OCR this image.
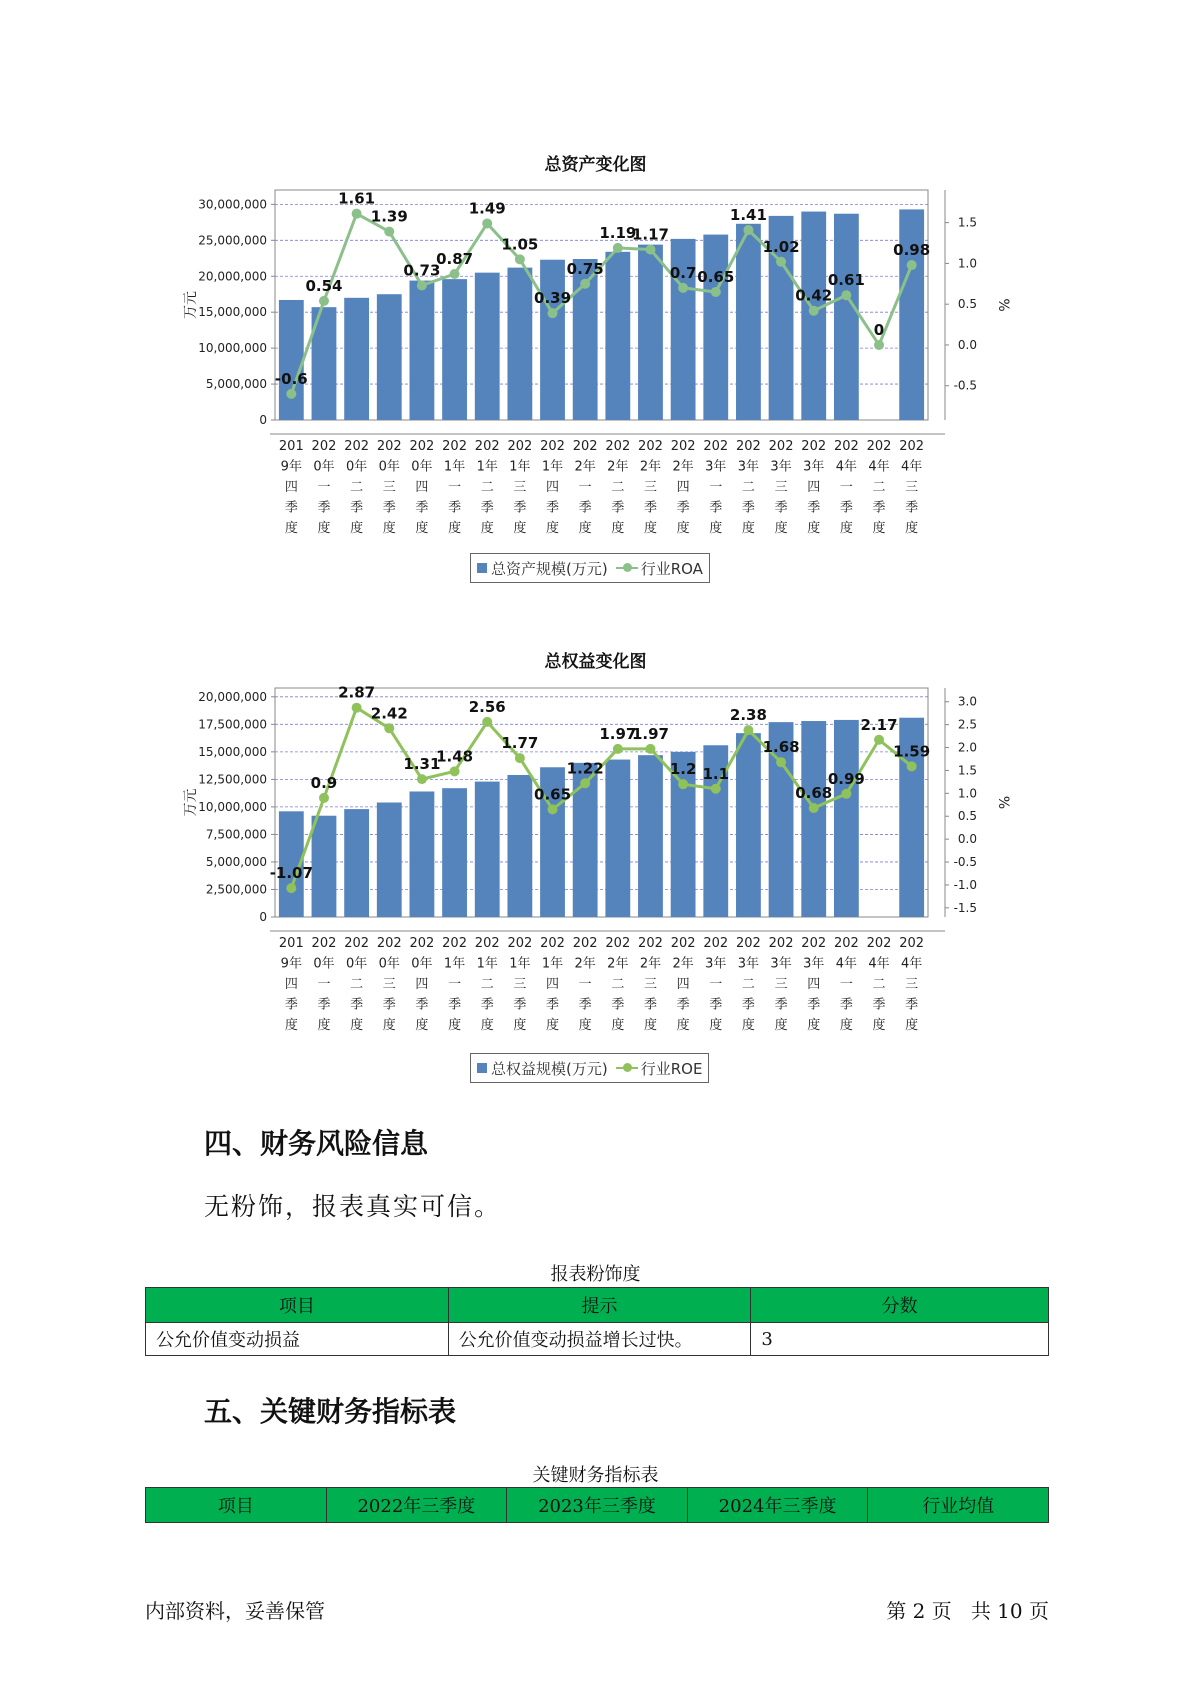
总资产变化图
0
5,000,000
10,000,000
15,000,000
20,000,000
25,000,000
30,000,000
万元
-0.5
0.0
0.5
1.0
1.5
%
-0.6
0.54
1.61
1.39
0.73
0.87
1.49
1.05
0.39
0.75
1.19
1.17
0.7 0.65
1.41
1.02
0.42
0.61
0
0.98
201 9年四季度
202 0年一季度
202 0年二季度
202 0年三季度
202 0年四季度
202 1年一季度
202 1年二季度
202 1年三季度
202 1年四季度
202 2年一季度
202 2年二季度
202 2年三季度
202 2年四季度
202 3年一季度
202 3年二季度
202 3年三季度
202 3年四季度
202 4年一季度
202 4年二季度
202 4年三季度
总资产规模(万元) 行业ROA
总权益变化图
0
2,500,000
5,000,000
7,500,000
10,000,000
12,500,000
15,000,000
17,500,000
20,000,000
万元
-1.5
-1.0
-0.5
0.0
0.5
1.0
1.5
2.0
2.5
3.0
%
-1.07
0.9
2.87
2.42
1.31
1.48
2.56
1.77
0.65
1.22
1.97
1.97
1.2 1.1
2.38
1.68
0.68
0.99
2.17
1.59
201 9年四季度
202 0年一季度
202 0年二季度
202 0年三季度
202 0年四季度
202 1年一季度
202 1年二季度
202 1年三季度
202 1年四季度
202 2年一季度
202 2年二季度
202 2年三季度
202 2年四季度
202 3年一季度
202 3年二季度
202 3年三季度
202 3年四季度
202 4年一季度
202 4年二季度
202 4年三季度
总权益规模(万元) 行业ROE
四、财务风险信息
无粉饰，报表真实可信。
报表粉饰度
项目	提示	分数
公允价值变动损益	公允价值变动损益增长过快。	3
五、关键财务指标表
关键财务指标表
项目	2022年三季度	2023年三季度	2024年三季度	行业均值
内部资料，妥善保管	第 2 页   共 10 页
